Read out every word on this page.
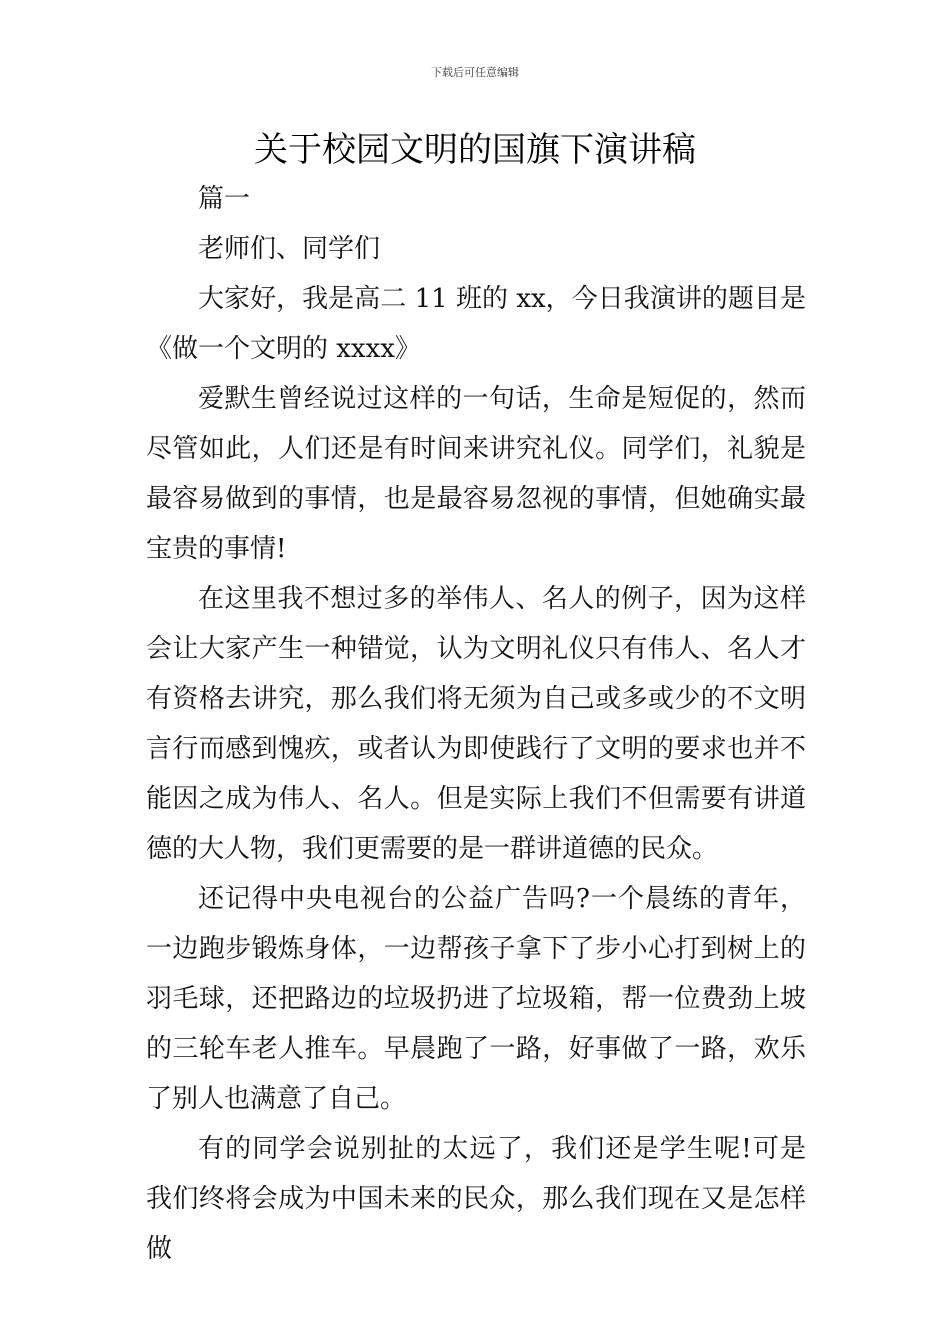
下载后可任意编辑
关于校园文明的国旗下演讲稿

篇一

老师们、同学们

大家好，我是高二 11 班的 xx，今日我演讲的题目是《做一个文明的 xxxx》

爱默生曾经说过这样的一句话，生命是短促的，然而尽管如此，人们还是有时间来讲究礼仪。同学们，礼貌是最容易做到的事情，也是最容易忽视的事情，但她确实最宝贵的事情!

在这里我不想过多的举伟人、名人的例子，因为这样会让大家产生一种错觉，认为文明礼仪只有伟人、名人才有资格去讲究，那么我们将无须为自己或多或少的不文明言行而感到愧疚，或者认为即使践行了文明的要求也并不能因之成为伟人、名人。但是实际上我们不但需要有讲道德的大人物，我们更需要的是一群讲道德的民众。

还记得中央电视台的公益广告吗?一个晨练的青年，一边跑步锻炼身体，一边帮孩子拿下了步小心打到树上的羽毛球，还把路边的垃圾扔进了垃圾箱，帮一位费劲上坡的三轮车老人推车。早晨跑了一路，好事做了一路，欢乐了别人也满意了自己。

有的同学会说别扯的太远了，我们还是学生呢!可是我们终将会成为中国未来的民众，那么我们现在又是怎样做
